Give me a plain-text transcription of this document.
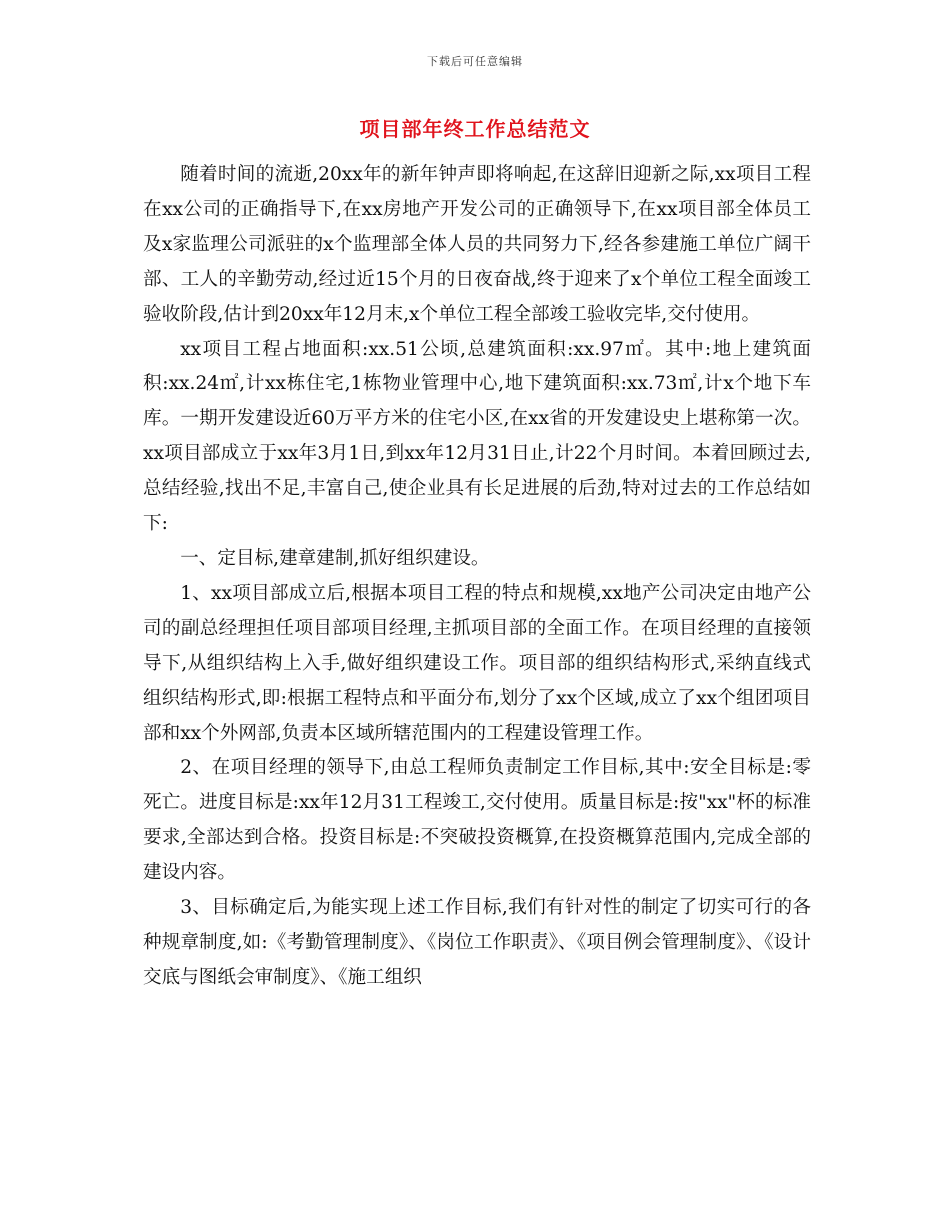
下载后可任意编辑
项目部年终工作总结范文

随着时间的流逝,20xx年的新年钟声即将响起,在这辞旧迎新之际,xx项目工程在xx公司的正确指导下,在xx房地产开发公司的正确领导下,在xx项目部全体员工及x家监理公司派驻的x个监理部全体人员的共同努力下,经各参建施工单位广阔干部、工人的辛勤劳动,经过近15个月的日夜奋战,终于迎来了x个单位工程全面竣工验收阶段,估计到20xx年12月末,x个单位工程全部竣工验收完毕,交付使用。

xx项目工程占地面积:xx.51公顷,总建筑面积:xx.97㎡。其中:地上建筑面积:xx.24㎡,计xx栋住宅,1栋物业管理中心,地下建筑面积:xx.73㎡,计x个地下车库。一期开发建设近60万平方米的住宅小区,在xx省的开发建设史上堪称第一次。xx项目部成立于xx年3月1日,到xx年12月31日止,计22个月时间。本着回顾过去,总结经验,找出不足,丰富自己,使企业具有长足进展的后劲,特对过去的工作总结如下:

一、定目标,建章建制,抓好组织建设。

1、xx项目部成立后,根据本项目工程的特点和规模,xx地产公司决定由地产公司的副总经理担任项目部项目经理,主抓项目部的全面工作。在项目经理的直接领导下,从组织结构上入手,做好组织建设工作。项目部的组织结构形式,采纳直线式组织结构形式,即:根据工程特点和平面分布,划分了xx个区域,成立了xx个组团项目部和xx个外网部,负责本区域所辖范围内的工程建设管理工作。

2、在项目经理的领导下,由总工程师负责制定工作目标,其中:安全目标是:零死亡。进度目标是:xx年12月31工程竣工,交付使用。质量目标是:按"xx"杯的标准要求,全部达到合格。投资目标是:不突破投资概算,在投资概算范围内,完成全部的建设内容。

3、目标确定后,为能实现上述工作目标,我们有针对性的制定了切实可行的各种规章制度,如:《考勤管理制度》、《岗位工作职责》、《项目例会管理制度》、《设计交底与图纸会审制度》、《施工组织
